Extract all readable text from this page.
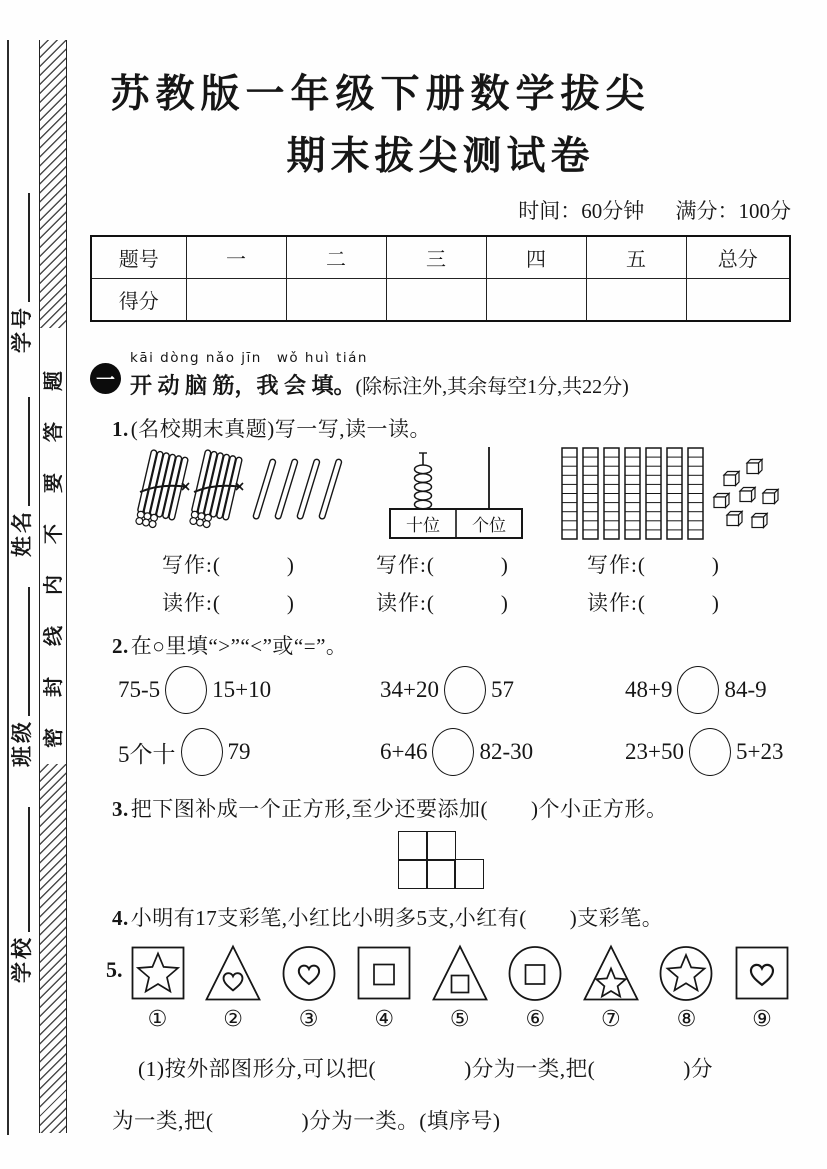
学号
姓名
班级
学校
密封线内不要答题
苏教版一年级下册数学拔尖
期末拔尖测试卷
时间：60分钟 满分：100分
题号	一	二	三	四	五	总分
得分						
一
kāi dòng nǎo jīn　wǒ huì tián
开 动 脑 筋，我 会 填。(除标注外,其余每空1分,共22分)
1.(名校期末真题)写一写,读一读。
写作:(　　　)
读作:(　　　)
十位 个位
写作:(　　　)
读作:(　　　)
写作:(　　　)
读作:(　　　)
2.在○里填“>”“<”或“=”。
75-5 15+10	34+20 57	48+9 84-9
5个十 79	6+46 82-30	23+50 5+23
3.把下图补成一个正方形,至少还要添加(　　)个小正方形。
4.小明有17支彩笔,小红比小明多5支,小红有(　　)支彩笔。
5.
①	②	③	④	⑤	⑥	⑦	⑧	⑨
(1)按外部图形分,可以把(　　　　)分为一类,把(　　　　)分
为一类,把(　　　　)分为一类。(填序号)
